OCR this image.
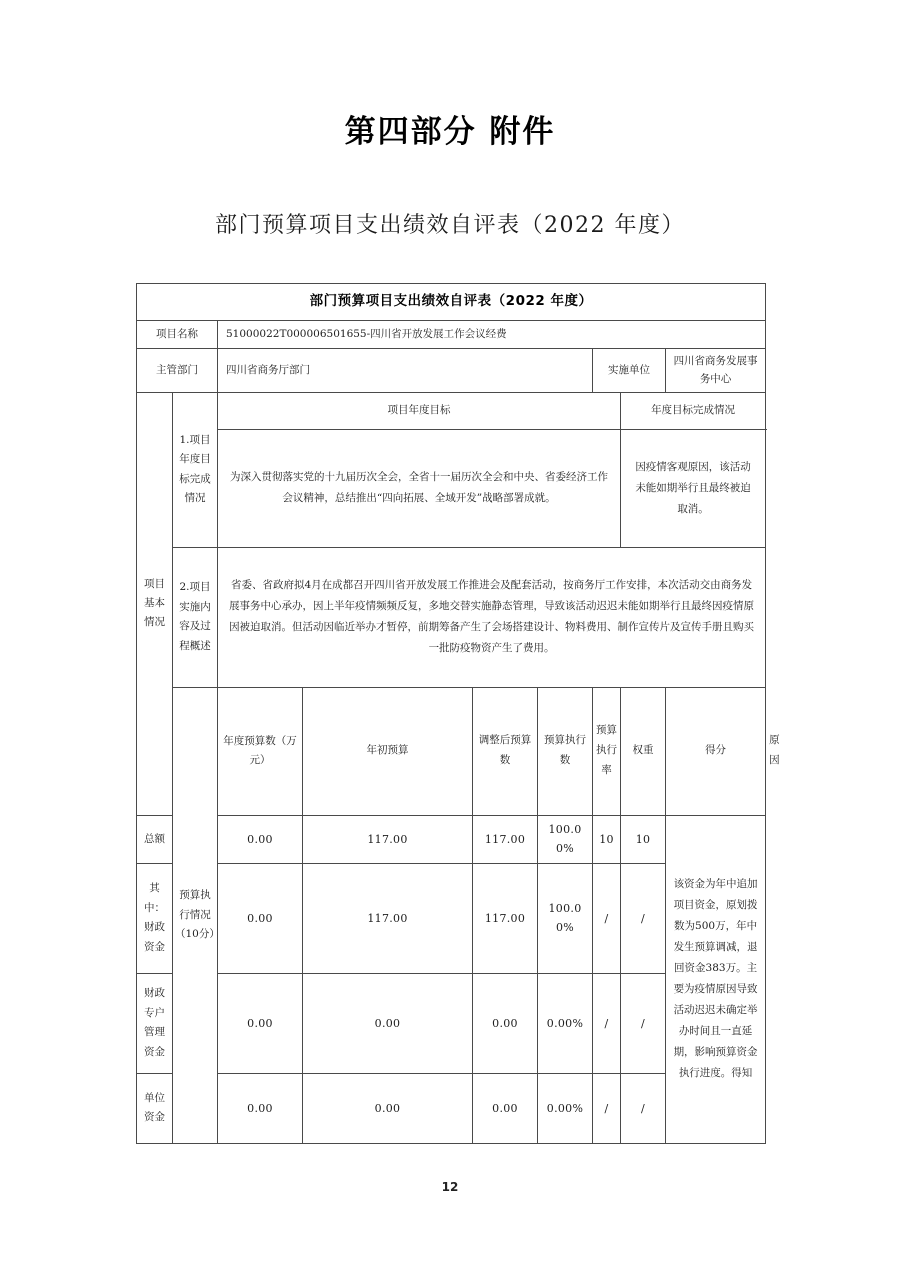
第四部分 附件
部门预算项目支出绩效自评表（2022 年度）
部门预算项目支出绩效自评表（2022 年度）									
项目名称		51000022T000006501655-四川省开放发展工作会议经费							
主管部门		四川省商务厅部门				实施单位		四川省商务发展事务中心	
项目基本情况	1.项目年度目标完成情况	项目年度目标					年度目标完成情况		
		为深入贯彻落实党的十九届历次全会，全省十一届历次全会和中央、省委经济工作会议精神，总结推出“四向拓展、全域开发”战略部署成就。					因疫情客观原因，该活动未能如期举行且最终被迫取消。		
	2.项目实施内容及过程概述	省委、省政府拟4月在成都召开四川省开放发展工作推进会及配套活动，按商务厅工作安排，本次活动交由商务发展事务中心承办，因上半年疫情频频反复，多地交替实施静态管理，导致该活动迟迟未能如期举行且最终因疫情原因被迫取消。但活动因临近举办才暂停，前期筹备产生了会场搭建设计、物料费用、制作宣传片及宣传手册且购买一批防疫物资产生了费用。							
	预算执行情况（10分）	年度预算数（万元）	年初预算	调整后预算数	预算执行数	预算执行率	权重	得分	原因
总额		0.00	117.00	117.00	100.00%	10	10	该资金为年中追加项目资金，原划拨数为500万，年中发生预算调减，退回资金383万。主要为疫情原因导致活动迟迟未确定举办时间且一直延期，影响预算资金执行进度。得知	
其中：财政资金		0.00	117.00	117.00	100.00%	/	/		
财政专户管理资金		0.00	0.00	0.00	0.00%	/	/		
单位资金		0.00	0.00	0.00	0.00%	/	/		
12
